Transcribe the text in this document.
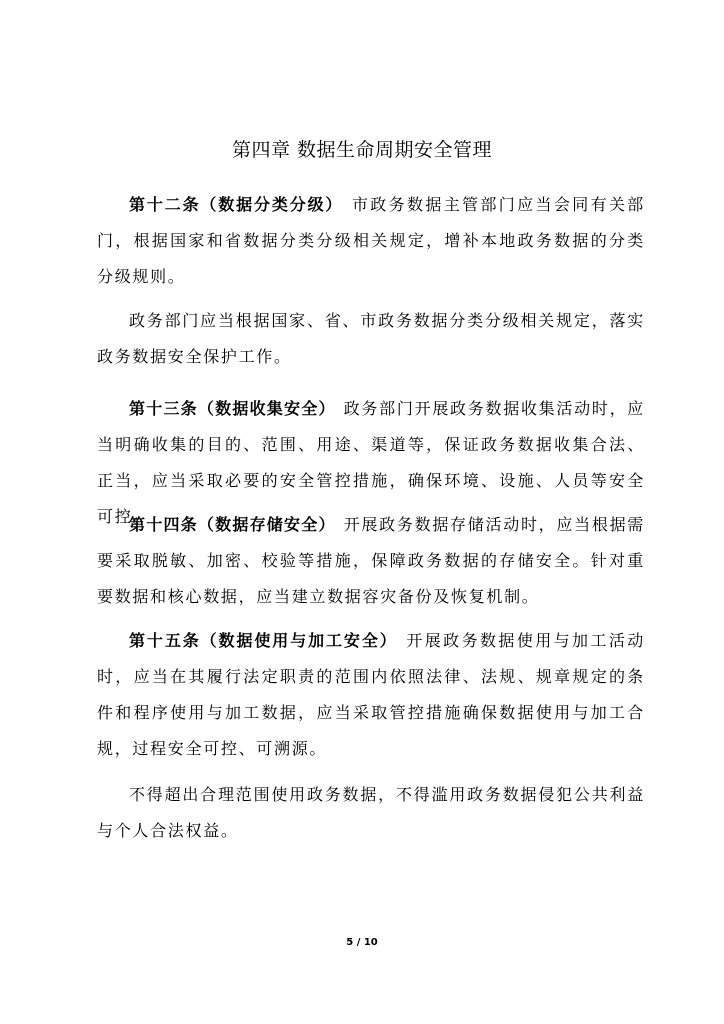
第四章 数据生命周期安全管理

第十二条（数据分类分级） 市政务数据主管部门应当会同有关部门，根据国家和省数据分类分级相关规定，增补本地政务数据的分类分级规则。

政务部门应当根据国家、省、市政务数据分类分级相关规定，落实政务数据安全保护工作。

第十三条（数据收集安全） 政务部门开展政务数据收集活动时，应当明确收集的目的、范围、用途、渠道等，保证政务数据收集合法、正当，应当采取必要的安全管控措施，确保环境、设施、人员等安全可控。

第十四条（数据存储安全） 开展政务数据存储活动时，应当根据需要采取脱敏、加密、校验等措施，保障政务数据的存储安全。针对重要数据和核心数据，应当建立数据容灾备份及恢复机制。

第十五条（数据使用与加工安全） 开展政务数据使用与加工活动时，应当在其履行法定职责的范围内依照法律、法规、规章规定的条件和程序使用与加工数据，应当采取管控措施确保数据使用与加工合规，过程安全可控、可溯源。

不得超出合理范围使用政务数据，不得滥用政务数据侵犯公共利益与个人合法权益。

5 / 10
